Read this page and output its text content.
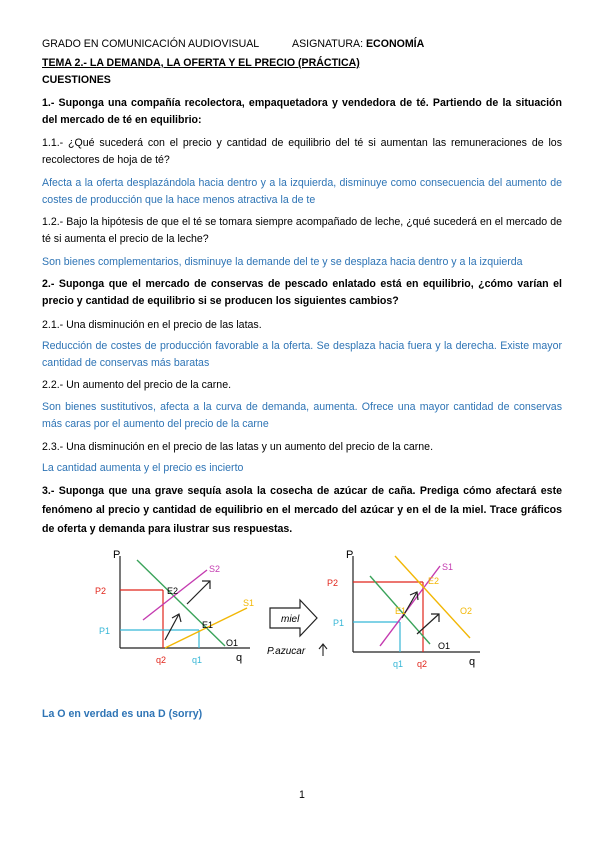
GRADO EN COMUNICACIÓN AUDIOVISUAL	ASIGNATURA: ECONOMÍA
TEMA 2.- LA DEMANDA, LA OFERTA Y EL PRECIO (PRÁCTICA)
CUESTIONES
1.- Suponga una compañía recolectora, empaquetadora y vendedora de té. Partiendo de la situación del mercado de té en equilibrio:
1.1.- ¿Qué sucederá con el precio y cantidad de equilibrio del té si aumentan las remuneraciones de los recolectores de hoja de té?
Afecta a la oferta desplazándola hacia dentro y a la izquierda, disminuye como consecuencia del aumento de costes de producción que la hace menos atractiva la de te
1.2.- Bajo la hipótesis de que el té se tomara siempre acompañado de leche, ¿qué sucederá en el mercado de té si aumenta el precio de la leche?
Son bienes complementarios, disminuye la demande del te y se desplaza hacia dentro y a la izquierda
2.- Suponga que el mercado de conservas de pescado enlatado está en equilibrio, ¿cómo varían el precio y cantidad de equilibrio si se producen los siguientes cambios?
2.1.- Una disminución en el precio de las latas.
Reducción de costes de producción favorable a la oferta. Se desplaza hacia fuera y la derecha. Existe mayor cantidad de conservas más baratas
2.2.- Un aumento del precio de la carne.
Son bienes sustitutivos, afecta a la curva de demanda, aumenta. Ofrece una mayor cantidad de conservas más caras por el aumento del precio de la carne
2.3.- Una disminución en el precio de las latas y un aumento del precio de la carne.
La cantidad aumenta y el precio es incierto
3.- Suponga que una grave sequía asola la cosecha de azúcar de caña. Prediga cómo afectará este fenómeno al precio y cantidad de equilibrio en el mercado del azúcar y en el de la miel. Trace gráficos de oferta y demanda para ilustrar sus respuestas.
P
q
P2
P1
q2	q1
E2
E1
S2
S1
O1
miel
P.azucar
P
q
P2
P1
q1 q2
E1
E2
S1
O2
O1
La O en verdad es una D (sorry)
1
